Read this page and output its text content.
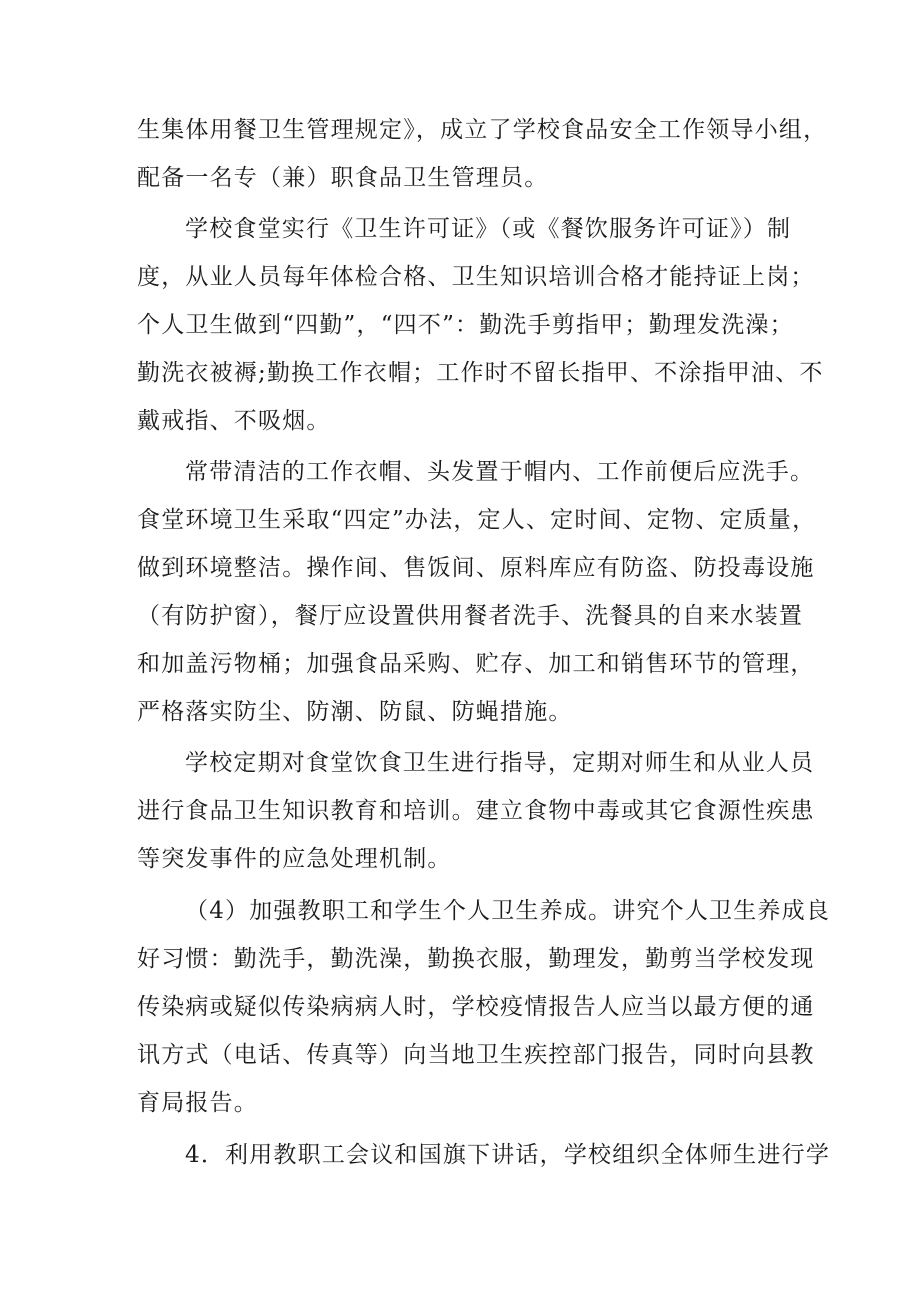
生集体用餐卫生管理规定》，成立了学校食品安全工作领导小组，
配备一名专（兼）职食品卫生管理员。
学校食堂实行《卫生许可证》（或《餐饮服务许可证》）制
度，从业人员每年体检合格、卫生知识培训合格才能持证上岗；
个人卫生做到“四勤”，“四不”：勤洗手剪指甲；勤理发洗澡；
勤洗衣被褥;勤换工作衣帽；工作时不留长指甲、不涂指甲油、不
戴戒指、不吸烟。
常带清洁的工作衣帽、头发置于帽内、工作前便后应洗手。
食堂环境卫生采取“四定”办法，定人、定时间、定物、定质量，
做到环境整洁。操作间、售饭间、原料库应有防盗、防投毒设施
（有防护窗），餐厅应设置供用餐者洗手、洗餐具的自来水装置
和加盖污物桶；加强食品采购、贮存、加工和销售环节的管理，
严格落实防尘、防潮、防鼠、防蝇措施。
学校定期对食堂饮食卫生进行指导，定期对师生和从业人员
进行食品卫生知识教育和培训。建立食物中毒或其它食源性疾患
等突发事件的应急处理机制。
（4）加强教职工和学生个人卫生养成。讲究个人卫生养成良
好习惯：勤洗手，勤洗澡，勤换衣服，勤理发，勤剪当学校发现
传染病或疑似传染病病人时，学校疫情报告人应当以最方便的通
讯方式（电话、传真等）向当地卫生疾控部门报告，同时向县教
育局报告。
4．利用教职工会议和国旗下讲话，学校组织全体师生进行学
